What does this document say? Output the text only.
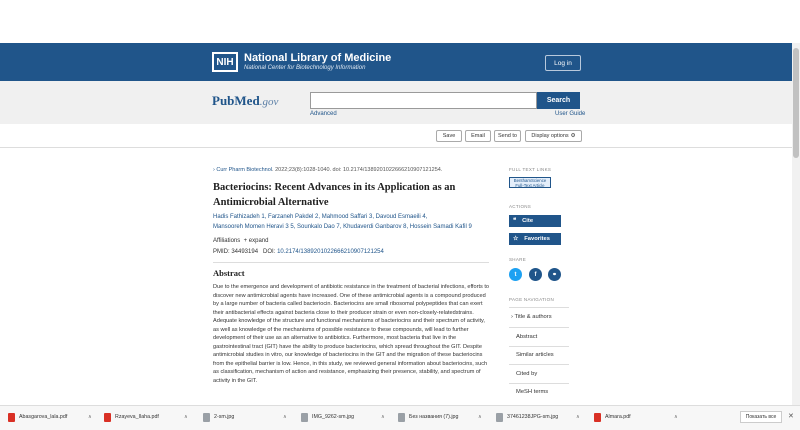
NIH National Library of Medicine
National Center for Biotechnology Information
Log in
PubMed.gov	Search
Advanced	User Guide
Save	Email	Send to	Display options ⚙
› Curr Pharm Biotechnol. 2022;23(8):1028-1040. doi: 10.2174/1389201022666210907121254.
Bacteriocins: Recent Advances in its Application as an Antimicrobial Alternative
Hadis Fathizadeh 1, Farzaneh Pakdel 2, Mahmood Saffari 3, Davoud Esmaeili 4,
Mansooreh Momen Heravi 3 5, Sounkalo Dao 7, Khudaverdi Ganbarov 8, Hossein Samadi Kafil 9
Affiliations + expand
PMID: 34493194 DOI: 10.2174/1389201022666210907121254
Abstract
Due to the emergence and development of antibiotic resistance in the treatment of bacterial infections, efforts to discover new antimicrobial agents have increased. One of these antimicrobial agents is a compound produced by a large number of bacteria called bacteriocin. Bacteriocins are small ribosomal polypeptides that can exert their antibacterial effects against bacteria close to their producer strain or even non-closely-relatedstrains. Adequate knowledge of the structure and functional mechanisms of bacteriocins and their spectrum of activity, as well as knowledge of the mechanisms of possible resistance to these compounds, will lead to further development of their use as an alternative to antibiotics. Furthermore, most bacteria that live in the gastrointestinal tract (GIT) have the ability to produce bacteriocins, which spread throughout the GIT. Despite antimicrobial studies in vitro, our knowledge of bacteriocins in the GIT and the migration of these bacteriocins from the epithelial barrier is low. Hence, in this study, we reviewed general information about bacteriocins, such as classification, mechanism of action and resistance, emphasizing their presence, stability, and spectrum of activity in the GIT.
FULL TEXT LINKS
BenthamScience
Full-Text Article
ACTIONS
❝ Cite
☆ Favorites
SHARE
t	f	⚭
PAGE NAVIGATION
› Title & authors
Abstract
Similar articles
Cited by
MeSH terms
Abasgarova_lala.pdf	∧	Rzayeva_Ilaha.pdf	∧	2-sm.jpg	∧	IMG_9262-sm.jpg	∧	Без названия (7).jpg	∧	37461238JPG-sm.jpg	∧	Almara.pdf	∧	Показать все	✕
